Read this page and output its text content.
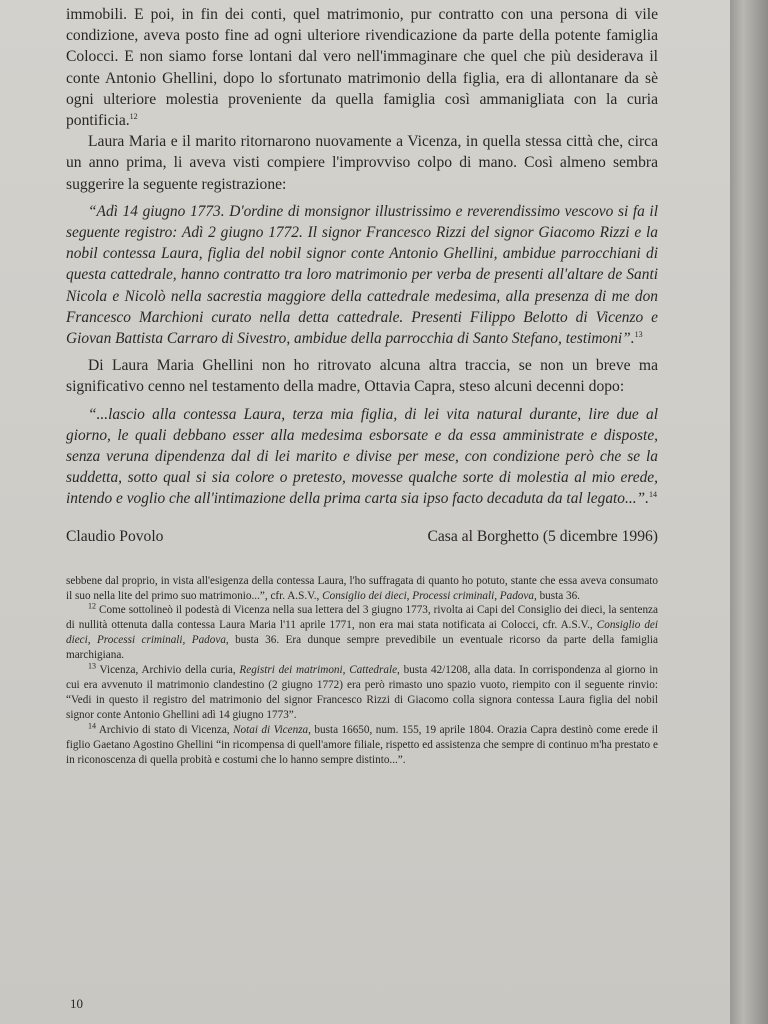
immobili. E poi, in fin dei conti, quel matrimonio, pur contratto con una persona di vile condizione, aveva posto fine ad ogni ulteriore rivendicazione da parte della potente famiglia Colocci. E non siamo forse lontani dal vero nell'immaginare che quel che più desiderava il conte Antonio Ghellini, dopo lo sfortunato matrimonio della figlia, era di allontanare da sè ogni ulteriore molestia proveniente da quella famiglia così ammanigliata con la curia pontificia.$^{12}$

Laura Maria e il marito ritornarono nuovamente a Vicenza, in quella stessa città che, circa un anno prima, li aveva visti compiere l'improvviso colpo di mano. Così almeno sembra suggerire la seguente registrazione:

“Adì 14 giugno 1773. D'ordine di monsignor illustrissimo e reverendissimo vescovo si fa il seguente registro: Adì 2 giugno 1772. Il signor Francesco Rizzi del signor Giacomo Rizzi e la nobil contessa Laura, figlia del nobil signor conte Antonio Ghellini, ambidue parrocchiani di questa cattedrale, hanno contratto tra loro matrimonio per verba de presenti all'altare de Santi Nicola e Nicolò nella sacrestia maggiore della cattedrale medesima, alla presenza di me don Francesco Marchioni curato nella detta cattedrale. Presenti Filippo Belotto di Vicenzo e Giovan Battista Carraro di Sivestro, ambidue della parrocchia di Santo Stefano, testimoni”.$^{13}$

Di Laura Maria Ghellini non ho ritrovato alcuna altra traccia, se non un breve ma significativo cenno nel testamento della madre, Ottavia Capra, steso alcuni decenni dopo:

“...lascio alla contessa Laura, terza mia figlia, di lei vita natural durante, lire due al giorno, le quali debbano esser alla medesima esborsate e da essa amministrate e disposte, senza veruna dipendenza dal di lei marito e divise per mese, con condizione però che se la suddetta, sotto qual si sia colore o pretesto, movesse qualche sorte di molestia al mio erede, intendo e voglio che all'intimazione della prima carta sia ipso facto decaduta da tal legato...”.$^{14}$

Claudio Povolo	Casa al Borghetto (5 dicembre 1996)

sebbene dal proprio, in vista all'esigenza della contessa Laura, l'ho suffragata di quanto ho potuto, stante che essa aveva consumato il suo nella lite del primo suo matrimonio...”, cfr. A.S.V., Consiglio dei dieci, Processi criminali, Padova, busta 36.

$^{12}$ Come sottolineò il podestà di Vicenza nella sua lettera del 3 giugno 1773, rivolta ai Capi del Consiglio dei dieci, la sentenza di nullità ottenuta dalla contessa Laura Maria l'11 aprile 1771, non era mai stata notificata ai Colocci, cfr. A.S.V., Consiglio dei dieci, Processi criminali, Padova, busta 36. Era dunque sempre prevedibile un eventuale ricorso da parte della famiglia marchigiana.

$^{13}$ Vicenza, Archivio della curia, Registri dei matrimoni, Cattedrale, busta 42/1208, alla data. In corrispondenza al giorno in cui era avvenuto il matrimonio clandestino (2 giugno 1772) era però rimasto uno spazio vuoto, riempito con il seguente rinvio: “Vedi in questo il registro del matrimonio del signor Francesco Rizzi di Giacomo colla signora contessa Laura figlia del nobil signor conte Antonio Ghellini adì 14 giugno 1773”.

$^{14}$ Archivio di stato di Vicenza, Notai di Vicenza, busta 16650, num. 155, 19 aprile 1804. Orazia Capra destinò come erede il figlio Gaetano Agostino Ghellini “in ricompensa di quell'amore filiale, rispetto ed assistenza che sempre di continuo m'ha prestato e in riconoscenza di quella probità e costumi che lo hanno sempre distinto...”.

10
